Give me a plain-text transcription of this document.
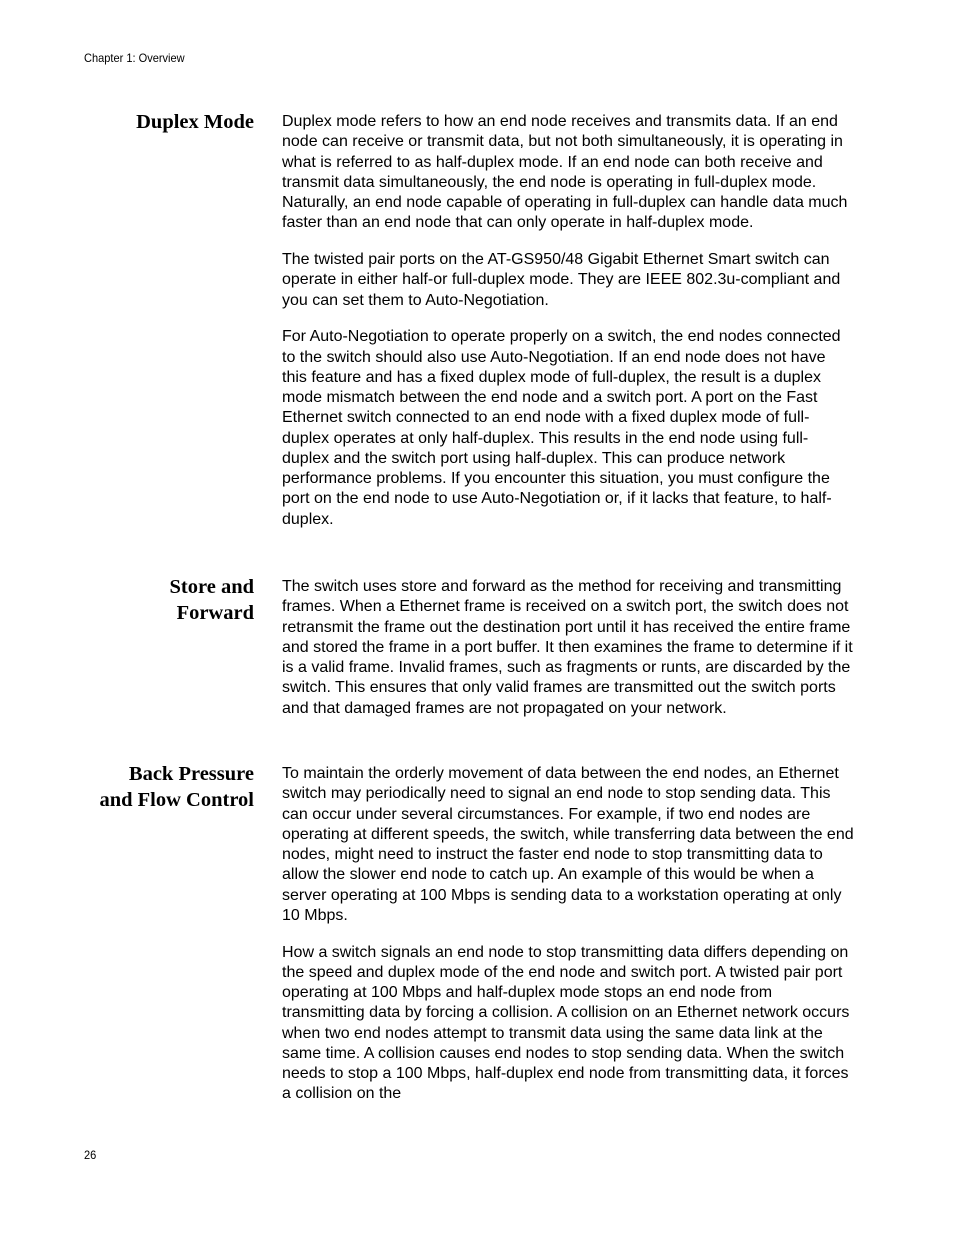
Chapter 1: Overview
Duplex Mode Duplex mode refers to how an end node receives and transmits data. If an end node can receive or transmit data, but not both simultaneously, it is operating in what is referred to as half-duplex mode. If an end node can both receive and transmit data simultaneously, the end node is operating in full-duplex mode. Naturally, an end node capable of operating in full-duplex can handle data much faster than an end node that can only operate in half-duplex mode.

The twisted pair ports on the AT-GS950/48 Gigabit Ethernet Smart switch can operate in either half-or full-duplex mode. They are IEEE 802.3u-compliant and you can set them to Auto-Negotiation.

For Auto-Negotiation to operate properly on a switch, the end nodes connected to the switch should also use Auto-Negotiation. If an end node does not have this feature and has a fixed duplex mode of full-duplex, the result is a duplex mode mismatch between the end node and a switch port. A port on the Fast Ethernet switch connected to an end node with a fixed duplex mode of full-duplex operates at only half-duplex. This results in the end node using full-duplex and the switch port using half-duplex. This can produce network performance problems. If you encounter this situation, you must configure the port on the end node to use Auto-Negotiation or, if it lacks that feature, to half-duplex.

Store and
Forward

The switch uses store and forward as the method for receiving and transmitting frames. When a Ethernet frame is received on a switch port, the switch does not retransmit the frame out the destination port until it has received the entire frame and stored the frame in a port buffer. It then examines the frame to determine if it is a valid frame. Invalid frames, such as fragments or runts, are discarded by the switch. This ensures that only valid frames are transmitted out the switch ports and that damaged frames are not propagated on your network.

Back Pressure
and Flow Control

To maintain the orderly movement of data between the end nodes, an Ethernet switch may periodically need to signal an end node to stop sending data. This can occur under several circumstances. For example, if two end nodes are operating at different speeds, the switch, while transferring data between the end nodes, might need to instruct the faster end node to stop transmitting data to allow the slower end node to catch up. An example of this would be when a server operating at 100 Mbps is sending data to a workstation operating at only 10 Mbps.

How a switch signals an end node to stop transmitting data differs depending on the speed and duplex mode of the end node and switch port. A twisted pair port operating at 100 Mbps and half-duplex mode stops an end node from transmitting data by forcing a collision. A collision on an Ethernet network occurs when two end nodes attempt to transmit data using the same data link at the same time. A collision causes end nodes to stop sending data. When the switch needs to stop a 100 Mbps, half-duplex end node from transmitting data, it forces a collision on the

26
